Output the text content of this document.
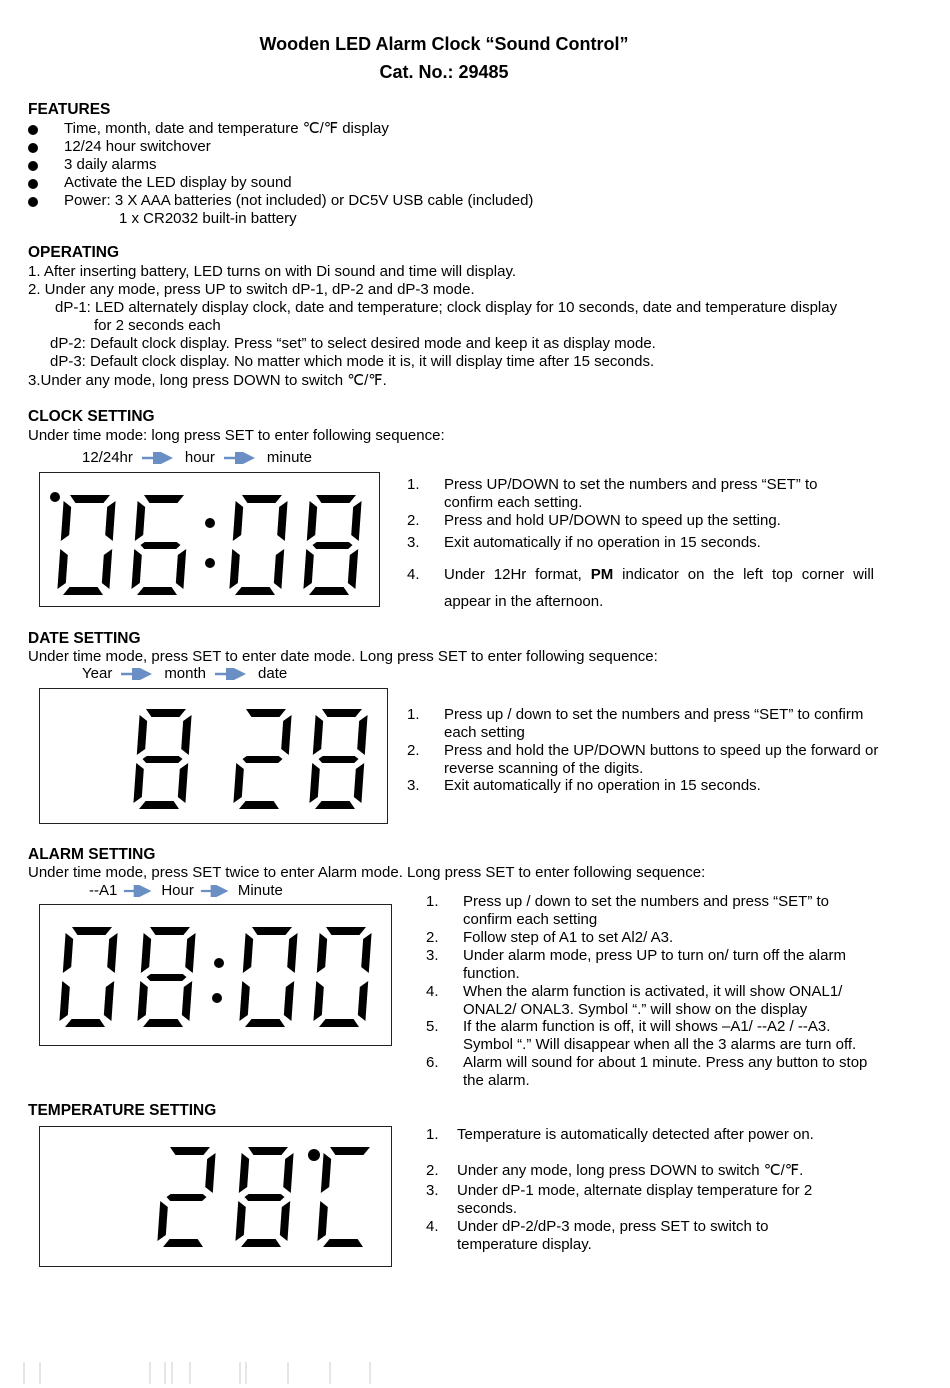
Wooden LED Alarm Clock “Sound Control”
Cat. No.: 29485
FEATURES
Time, month, date and temperature ℃/℉ display
12/24 hour switchover
3 daily alarms
Activate the LED display by sound
Power: 3 X AAA batteries (not included) or DC5V USB cable (included)
1 x CR2032 built-in battery
OPERATING
1. After inserting battery, LED turns on with Di sound and time will display.
2. Under any mode, press UP to switch dP-1, dP-2 and dP-3 mode.
dP-1: LED alternately display clock, date and temperature; clock display for 10 seconds, date and temperature display
for 2 seconds each
dP-2: Default clock display. Press “set” to select desired mode and keep it as display mode.
dP-3: Default clock display. No matter which mode it is, it will display time after 15 seconds.
3.Under any mode, long press DOWN to switch ℃/℉.
CLOCK SETTING
Under time mode: long press SET to enter following sequence:
12/24hr	hour	minute
1. Press UP/DOWN to set the numbers and press “SET” to confirm each setting.
2. Press and hold UP/DOWN to speed up the setting.
3. Exit automatically if no operation in 15 seconds.
4. Under 12Hr format, PM indicator on the left top corner will appear in the afternoon.
DATE SETTING
Under time mode, press SET to enter date mode. Long press SET to enter following sequence:
Year	month	date
1. Press up / down to set the numbers and press “SET” to confirm each setting
2. Press and hold the UP/DOWN buttons to speed up the forward or reverse scanning of the digits.
3. Exit automatically if no operation in 15 seconds.
ALARM SETTING
Under time mode, press SET twice to enter Alarm mode. Long press SET to enter following sequence:
--A1	Hour	Minute
1. Press up / down to set the numbers and press “SET” to confirm each setting
2. Follow step of A1 to set Al2/ A3.
3. Under alarm mode, press UP to turn on/ turn off the alarm function.
4. When the alarm function is activated, it will show ONAL1/ ONAL2/ ONAL3. Symbol “.” will show on the display
5. If the alarm function is off, it will shows –A1/ --A2 / --A3. Symbol “.” Will disappear when all the 3 alarms are turn off.
6. Alarm will sound for about 1 minute. Press any button to stop the alarm.
TEMPERATURE SETTING
1. Temperature is automatically detected after power on.
2. Under any mode, long press DOWN to switch ℃/℉.
3. Under dP-1 mode, alternate display temperature for 2 seconds.
4. Under dP-2/dP-3 mode, press SET to switch to temperature display.
